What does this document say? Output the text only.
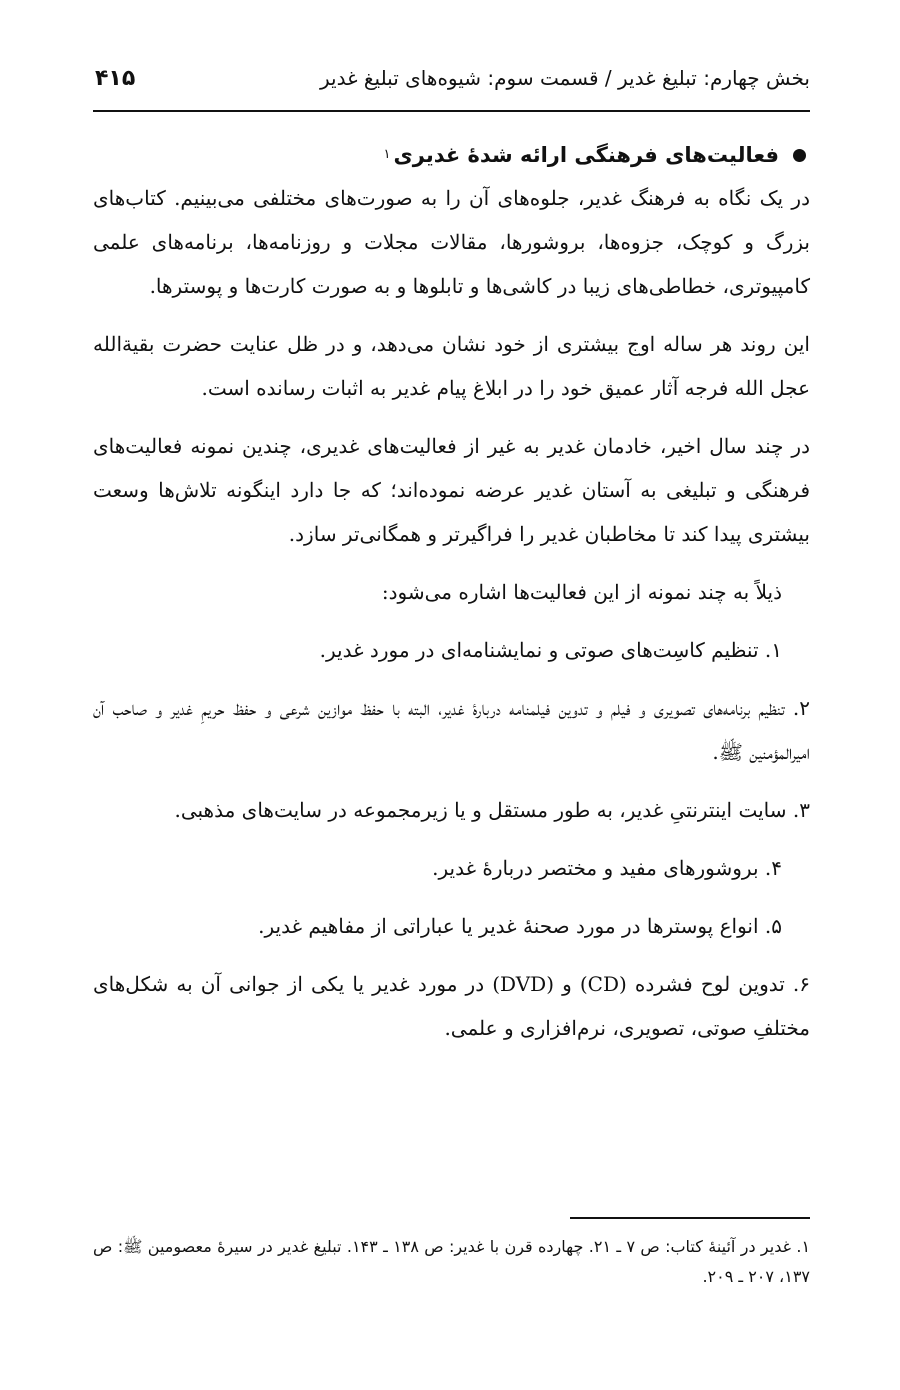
بخش چهارم: تبلیغ غدیر / قسمت سوم: شیوه‌های تبلیغ غدیر
۴۱۵
فعالیت‌های فرهنگی ارائه شدۀ غدیری
۱

در یک نگاه به فرهنگ غدیر، جلوه‌های آن را به صورت‌های مختلفی می‌بینیم. کتاب‌های بزرگ و کوچک، جزوه‌ها، بروشورها، مقالات مجلات و روزنامه‌ها، برنامه‌های علمی کامپیوتری، خطاطی‌های زیبا در کاشی‌ها و تابلوها و به صورت کارت‌ها و پوسترها.

این روند هر ساله اوج بیشتری از خود نشان می‌دهد، و در ظل عنایت حضرت بقیةالله عجل الله فرجه آثار عمیق خود را در ابلاغ پیام غدیر به اثبات رسانده است.

در چند سال اخیر، خادمان غدیر به غیر از فعالیت‌های غدیری، چندین نمونه فعالیت‌های فرهنگی و تبلیغی به آستان غدیر عرضه نموده‌اند؛ که جا دارد اینگونه تلاش‌ها وسعت بیشتری پیدا کند تا مخاطبان غدیر را فراگیرتر و همگانی‌تر سازد.

ذیلاً به چند نمونه از این فعالیت‌ها اشاره می‌شود:

۱. تنظیم کاسِت‌های صوتی و نمایشنامه‌ای در مورد غدیر.

۲. تنظیم برنامه‌های تصویری و فیلم و تدوین فیلمنامه دربارۀ غدیر، البته با حفظ موازین شرعی و حفظ حریمِ غدیر و صاحب آن امیرالمؤمنین ﷺ.

۳. سایت اینترنتیِ غدیر، به طور مستقل و یا زیرمجموعه در سایت‌های مذهبی.

۴. بروشورهای مفید و مختصر دربارۀ غدیر.

۵. انواع پوسترها در مورد صحنۀ غدیر یا عباراتی از مفاهیم غدیر.

۶. تدوین لوح فشرده (CD) و (DVD) در مورد غدیر یا یکی از جوانی آن به شکل‌های مختلفِ صوتی، تصویری، نرم‌افزاری و علمی.

۱. غدیر در آئینۀ کتاب: ص ۷ ـ ۲۱. چهارده قرن با غدیر: ص ۱۳۸ ـ ۱۴۳. تبلیغ غدیر در سیرۀ معصومین ﷺ: ص ۱۳۷، ۲۰۷ ـ ۲۰۹.
